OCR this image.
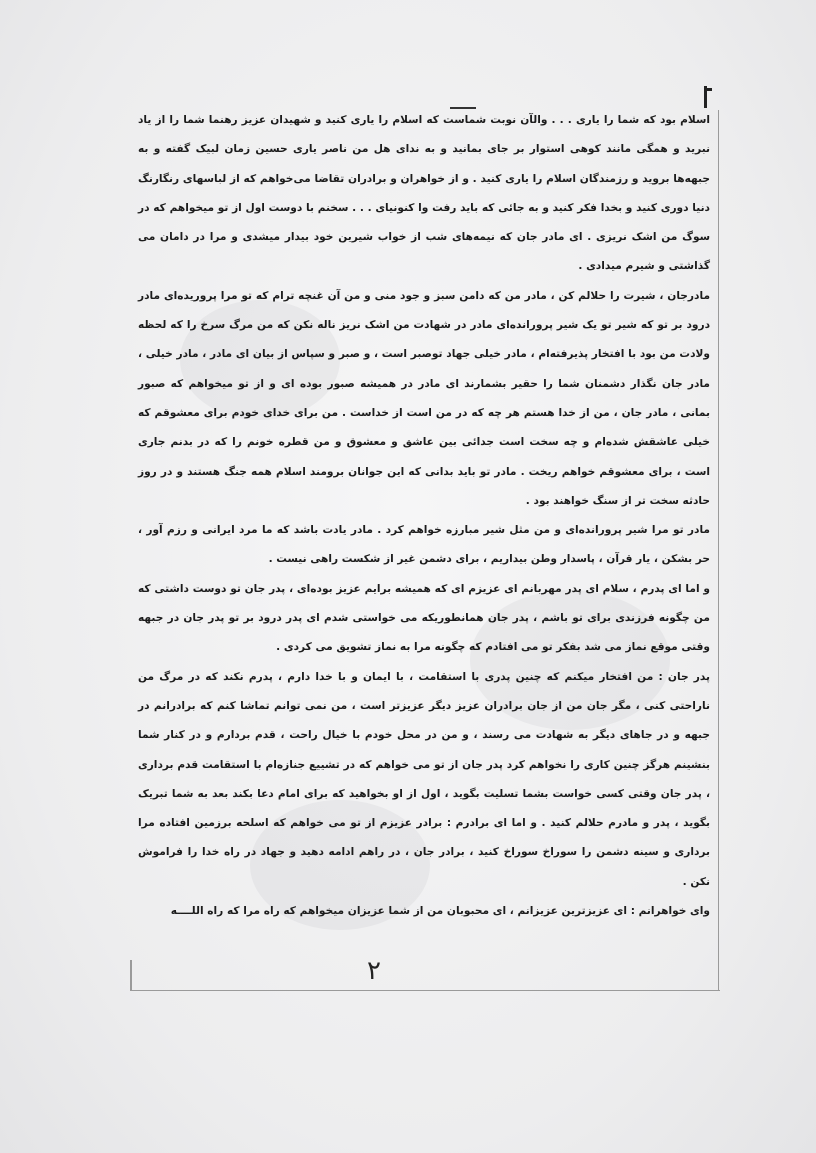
اسلام بود که شما را یاری . . . والآن نوبت شماست که اسلام را یاری کنید و شهیدان عزیز رهنما شما را از یاد نبرید و همگی مانند کوهی استوار بر جای بمانید و به ندای هل من ناصر یاری حسین زمان لبیک گفته و به جبهه‌ها بروید و رزمندگان اسلام را یاری کنید . و از خواهران و برادران تقاضا می‌خواهم که از لباسهای رنگارنگ دنیا دوری کنید و بخدا فکر کنید و به جائی که باید رفت وا کنونیای . . . سخنم با دوست اول از تو میخواهم که در سوگ من اشک نریزی . ای مادر جان که نیمه‌های شب از خواب شیرین خود بیدار میشدی و مرا در دامان می گذاشتی و شیرم میدادی .

مادرجان ، شیرت را حلالم کن ، مادر من که دامن سبز و جود منی و من آن غنچه ترام که تو مرا پروریده‌ای مادر درود بر تو که شیر تو یک شیر پرورانده‌ای مادر در شهادت من اشک نریز ناله نکن که من مرگ سرخ را که لحظه ولادت من بود با افتخار پذیرفته‌ام ، مادر خیلی جهاد توصبر است ، و صبر و سپاس از بیان ای مادر ، مادر خیلی ، مادر جان نگذار دشمنان شما را حقیر بشمارند ای مادر در همیشه صبور بوده ای و از تو میخواهم که صبور بمانی ، مادر جان ، من از خدا هستم هر چه که در من است از خداست . من برای خدای خودم برای معشوقم که خیلی عاشقش شده‌ام و چه سخت است جدائی بین عاشق و معشوق و من قطره خونم را که در بدنم جاری است ، برای معشوقم خواهم ریخت . مادر تو باید بدانی که این جوانان برومند اسلام همه جنگ هستند و در روز حادثه سخت تر از سنگ خواهند بود .

مادر تو مرا شیر پرورانده‌ای و من مثل شیر مبارزه خواهم کرد . مادر یادت باشد که ما مرد ایرانی و رزم آور ، حر بشکن ، یار قرآن ، پاسدار وطن بیداریم ، برای دشمن غیر از شکست راهی نیست .

و اما ای پدرم ، سلام ای پدر مهربانم ای عزیزم ای که همیشه برایم عزیز بوده‌ای ، پدر جان تو دوست داشتی که من چگونه فرزندی برای تو باشم ، پدر جان همانطوریکه می خواستی شدم ای پدر درود بر تو پدر جان در جبهه وقتی موقع نماز می شد بفکر تو می افتادم که چگونه مرا به نماز تشویق می کردی .

پدر جان : من افتخار میکنم که چنین پدری با استقامت ، با ایمان و با خدا دارم ، پدرم نکند که در مرگ من ناراحتی کنی ، مگر جان من از جان برادران عزیز دیگر عزیزتر است ، من نمی توانم تماشا کنم که برادرانم در جبهه و در جاهای دیگر به شهادت می رسند ، و من در محل خودم با خیال راحت ، قدم بردارم و در کنار شما بنشینم هرگز چنین کاری را نخواهم کرد پدر جان از تو می خواهم که در تشییع جنازه‌ام با استقامت قدم برداری ، پدر جان وقتی کسی خواست بشما تسلیت بگوید ، اول از او بخواهید که برای امام دعا بکند بعد به شما تبریک بگوید ، پدر و مادرم حلالم کنید . و اما ای برادرم : برادر عزیزم از تو می خواهم که اسلحه برزمین افتاده مرا برداری و سینه دشمن را سوراخ سوراخ کنید ، برادر جان ، در راهم ادامه دهید و جهاد در راه خدا را فراموش نکن .

وای خواهرانم : ای عزیزترین عزیزانم ، ای محبوبان من از شما عزیزان میخواهم که راه مرا که راه اللــــه

۲
